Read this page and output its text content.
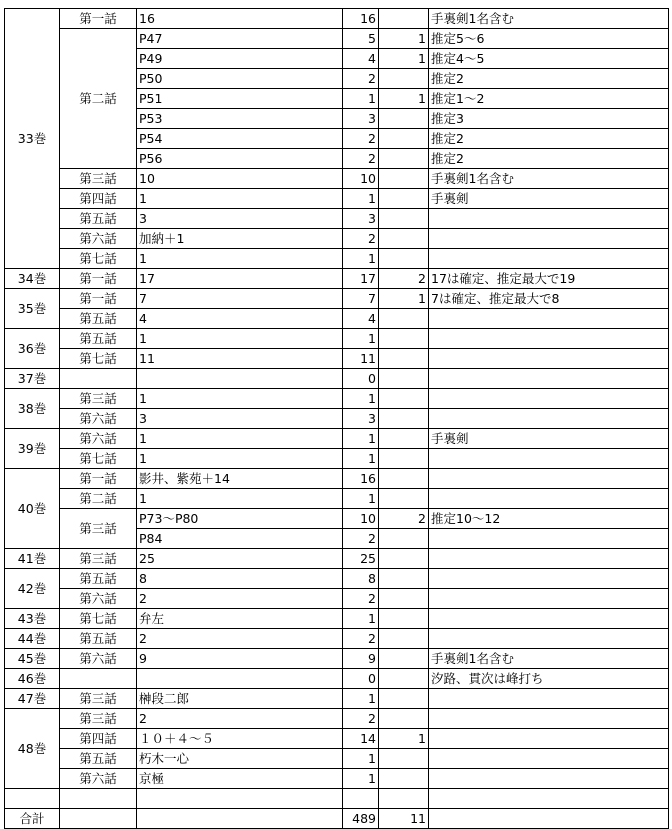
33巻	第一話	16	16		手裏剣1名含む
	第二話	P47	5	1	推定5～6
		P49	4	1	推定4～5
		P50	2		推定2
		P51	1	1	推定1～2
		P53	3		推定3
		P54	2		推定2
		P56	2		推定2
	第三話	10	10		手裏剣1名含む
	第四話	1	1		手裏剣
	第五話	3	3		
	第六話	加納＋1	2		
	第七話	1	1		
34巻	第一話	17	17	2	17は確定、推定最大で19
35巻	第一話	7	7	1	7は確定、推定最大で8
	第五話	4	4		
36巻	第五話	1	1		
	第七話	11	11		
37巻			0		
38巻	第三話	1	1		
	第六話	3	3		
39巻	第六話	1	1		手裏剣
	第七話	1	1		
40巻	第一話	影井、紫苑＋14	16		
	第二話	1	1		
	第三話	P73～P80	10	2	推定10～12
		P84	2		
41巻	第三話	25	25		
42巻	第五話	8	8		
	第六話	2	2		
43巻	第七話	弁左	1		
44巻	第五話	2	2		
45巻	第六話	9	9		手裏剣1名含む
46巻			0		汐路、貫次は峰打ち
47巻	第三話	榊段二郎	1		
48巻	第三話	2	2		
	第四話	１０＋４～５	14	1	
	第五話	朽木一心	1		
	第六話	京極	1		

合計			489	11	
